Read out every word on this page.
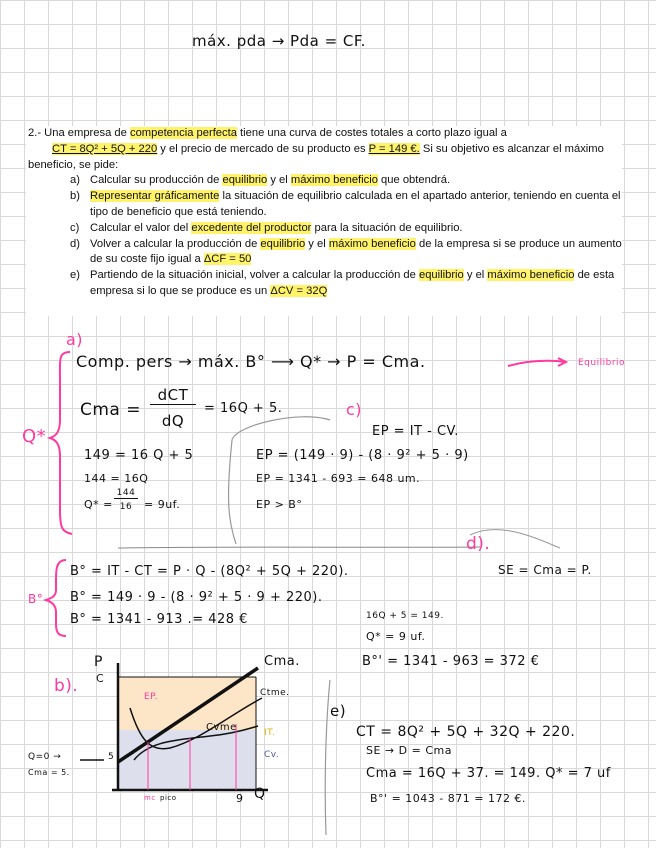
máx. pda → Pda = CF.
2.- Una empresa de competencia perfecta tiene una curva de costes totales a corto plazo igual a
CT = 8Q² + 5Q + 220 y el precio de mercado de su producto es P = 149 €. Si su objetivo es alcanzar el máximo beneficio, se pide:
a) Calcular su producción de equilibrio y el máximo beneficio que obtendrá.
b) Representar gráficamente la situación de equilibrio calculada en el apartado anterior, teniendo en cuenta el tipo de beneficio que está teniendo.
c) Calcular el valor del excedente del productor para la situación de equilibrio.
d) Volver a calcular la producción de equilibrio y el máximo beneficio de la empresa si se produce un aumento de su coste fijo igual a ΔCF = 50
e) Partiendo de la situación inicial, volver a calcular la producción de equilibrio y el máximo beneficio de esta empresa si lo que se produce es un ΔCV = 32Q
a)
Q*
Comp. pers → máx. B° ⟶ Q* → P = Cma.	Equilibrio
Cma =
dCT
dQ
= 16Q + 5.
149 = 16 Q + 5
144 = 16Q
Q* =
144
16	= 9uf.
c)
EP = IT - CV.
EP = (149 · 9) - (8 · 9² + 5 · 9)
EP = 1341 - 693 = 648 um.
EP > B°
d).
B°
B° = IT - CT = P · Q - (8Q² + 5Q + 220).
B° = 149 · 9 - (8 · 9² + 5 · 9 + 220).
B° = 1341 - 913 .= 428 €
SE = Cma = P.
16Q + 5 = 149.
Q* = 9 uf.
B°' = 1341 - 963 = 372 €
b).
P
C
Cma.
Ctme.
Cvme
EP.
IT.
Cv.
Q=0 →	5
Cma = 5.
mc pico	9 Q
e)
CT = 8Q² + 5Q + 32Q + 220.
SE → D = Cma
Cma = 16Q + 37. = 149. Q* = 7 uf
B°' = 1043 - 871 = 172 €.
